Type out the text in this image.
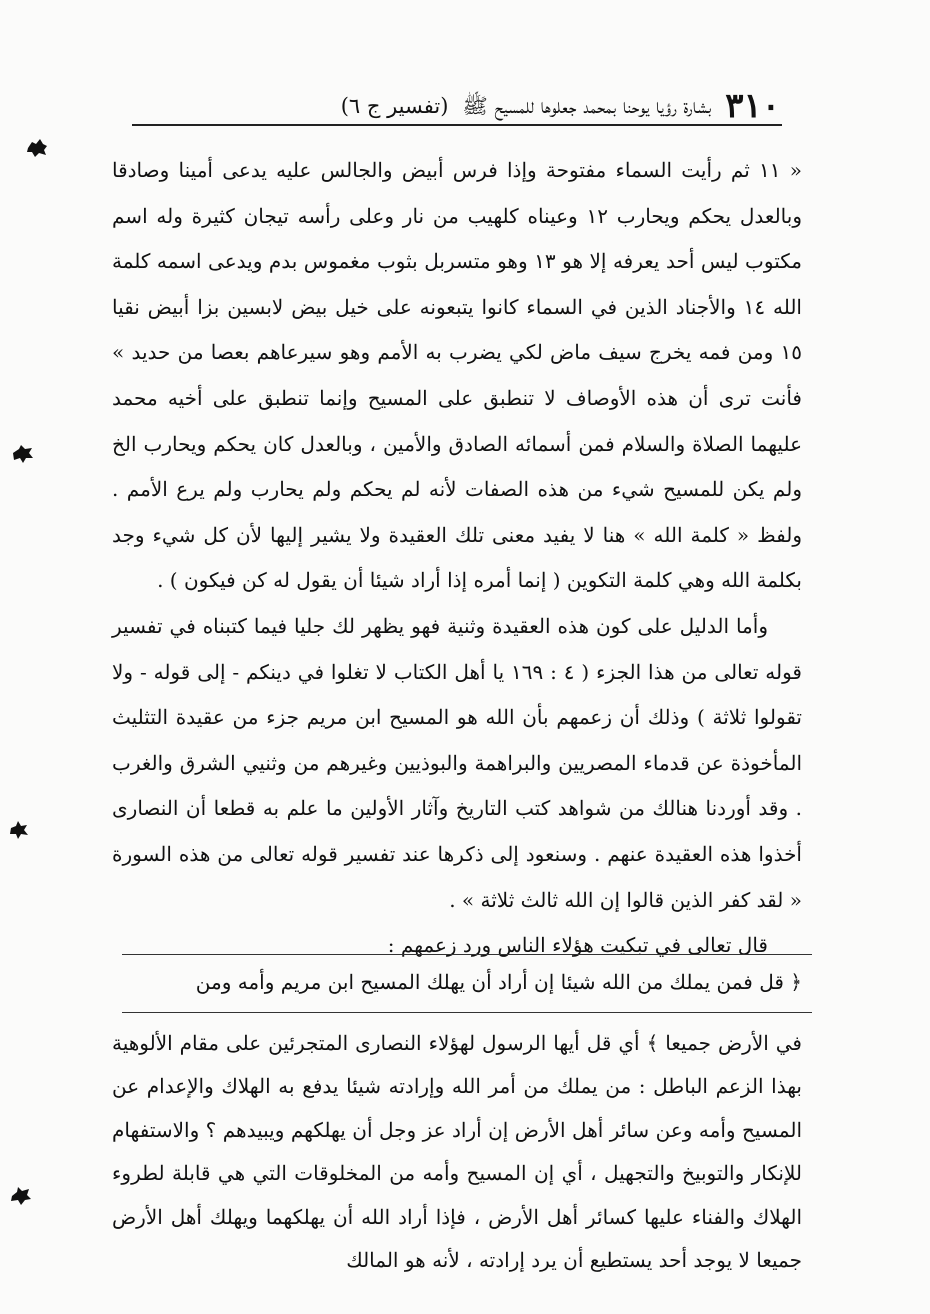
٣١٠
بشارة رؤيا يوحنا بمحمد جعلوها للمسيح ﷺ
(تفسير ج ٦)

« ١١ ثم رأيت السماء مفتوحة وإذا فرس أبيض والجالس عليه يدعى أمينا وصادقا وبالعدل يحكم ويحارب ١٢ وعيناه كلهيب من نار وعلى رأسه تيجان كثيرة وله اسم مكتوب ليس أحد يعرفه إلا هو ١٣ وهو متسربل بثوب مغموس بدم ويدعى اسمه كلمة الله ١٤ والأجناد الذين في السماء كانوا يتبعونه على خيل بيض لابسين بزا أبيض نقيا ١٥ ومن فمه يخرج سيف ماض لكي يضرب به الأمم وهو سيرعاهم بعصا من حديد » فأنت ترى أن هذه الأوصاف لا تنطبق على المسيح وإنما تنطبق على أخيه محمد عليهما الصلاة والسلام فمن أسمائه الصادق والأمين ، وبالعدل كان يحكم ويحارب الخ ولم يكن للمسيح شيء من هذه الصفات لأنه لم يحكم ولم يحارب ولم يرع الأمم . ولفظ « كلمة الله » هنا لا يفيد معنى تلك العقيدة ولا يشير إليها لأن كل شيء وجد بكلمة الله وهي كلمة التكوين ( إنما أمره إذا أراد شيئا أن يقول له كن فيكون ) .

وأما الدليل على كون هذه العقيدة وثنية فهو يظهر لك جليا فيما كتبناه في تفسير قوله تعالى من هذا الجزء ( ٤ : ١٦٩ يا أهل الكتاب لا تغلوا في دينكم - إلى قوله - ولا تقولوا ثلاثة ) وذلك أن زعمهم بأن الله هو المسيح ابن مريم جزء من عقيدة التثليث المأخوذة عن قدماء المصريين والبراهمة والبوذيين وغيرهم من وثنيي الشرق والغرب . وقد أوردنا هنالك من شواهد كتب التاريخ وآثار الأولين ما علم به قطعا أن النصارى أخذوا هذه العقيدة عنهم . وسنعود إلى ذكرها عند تفسير قوله تعالى من هذه السورة « لقد كفر الذين قالوا إن الله ثالث ثلاثة » .

قال تعالى في تبكيت هؤلاء الناس ورد زعمهم :

﴿ قل فمن يملك من الله شيئا إن أراد أن يهلك المسيح ابن مريم وأمه ومن

في الأرض جميعا ﴾ أي قل أيها الرسول لهؤلاء النصارى المتجرئين على مقام الألوهية بهذا الزعم الباطل : من يملك من أمر الله وإرادته شيئا يدفع به الهلاك والإعدام عن المسيح وأمه وعن سائر أهل الأرض إن أراد عز وجل أن يهلكهم ويبيدهم ؟ والاستفهام للإنكار والتوبيخ والتجهيل ، أي إن المسيح وأمه من المخلوقات التي هي قابلة لطروء الهلاك والفناء عليها كسائر أهل الأرض ، فإذا أراد الله أن يهلكهما ويهلك أهل الأرض جميعا لا يوجد أحد يستطيع أن يرد إرادته ، لأنه هو المالك
